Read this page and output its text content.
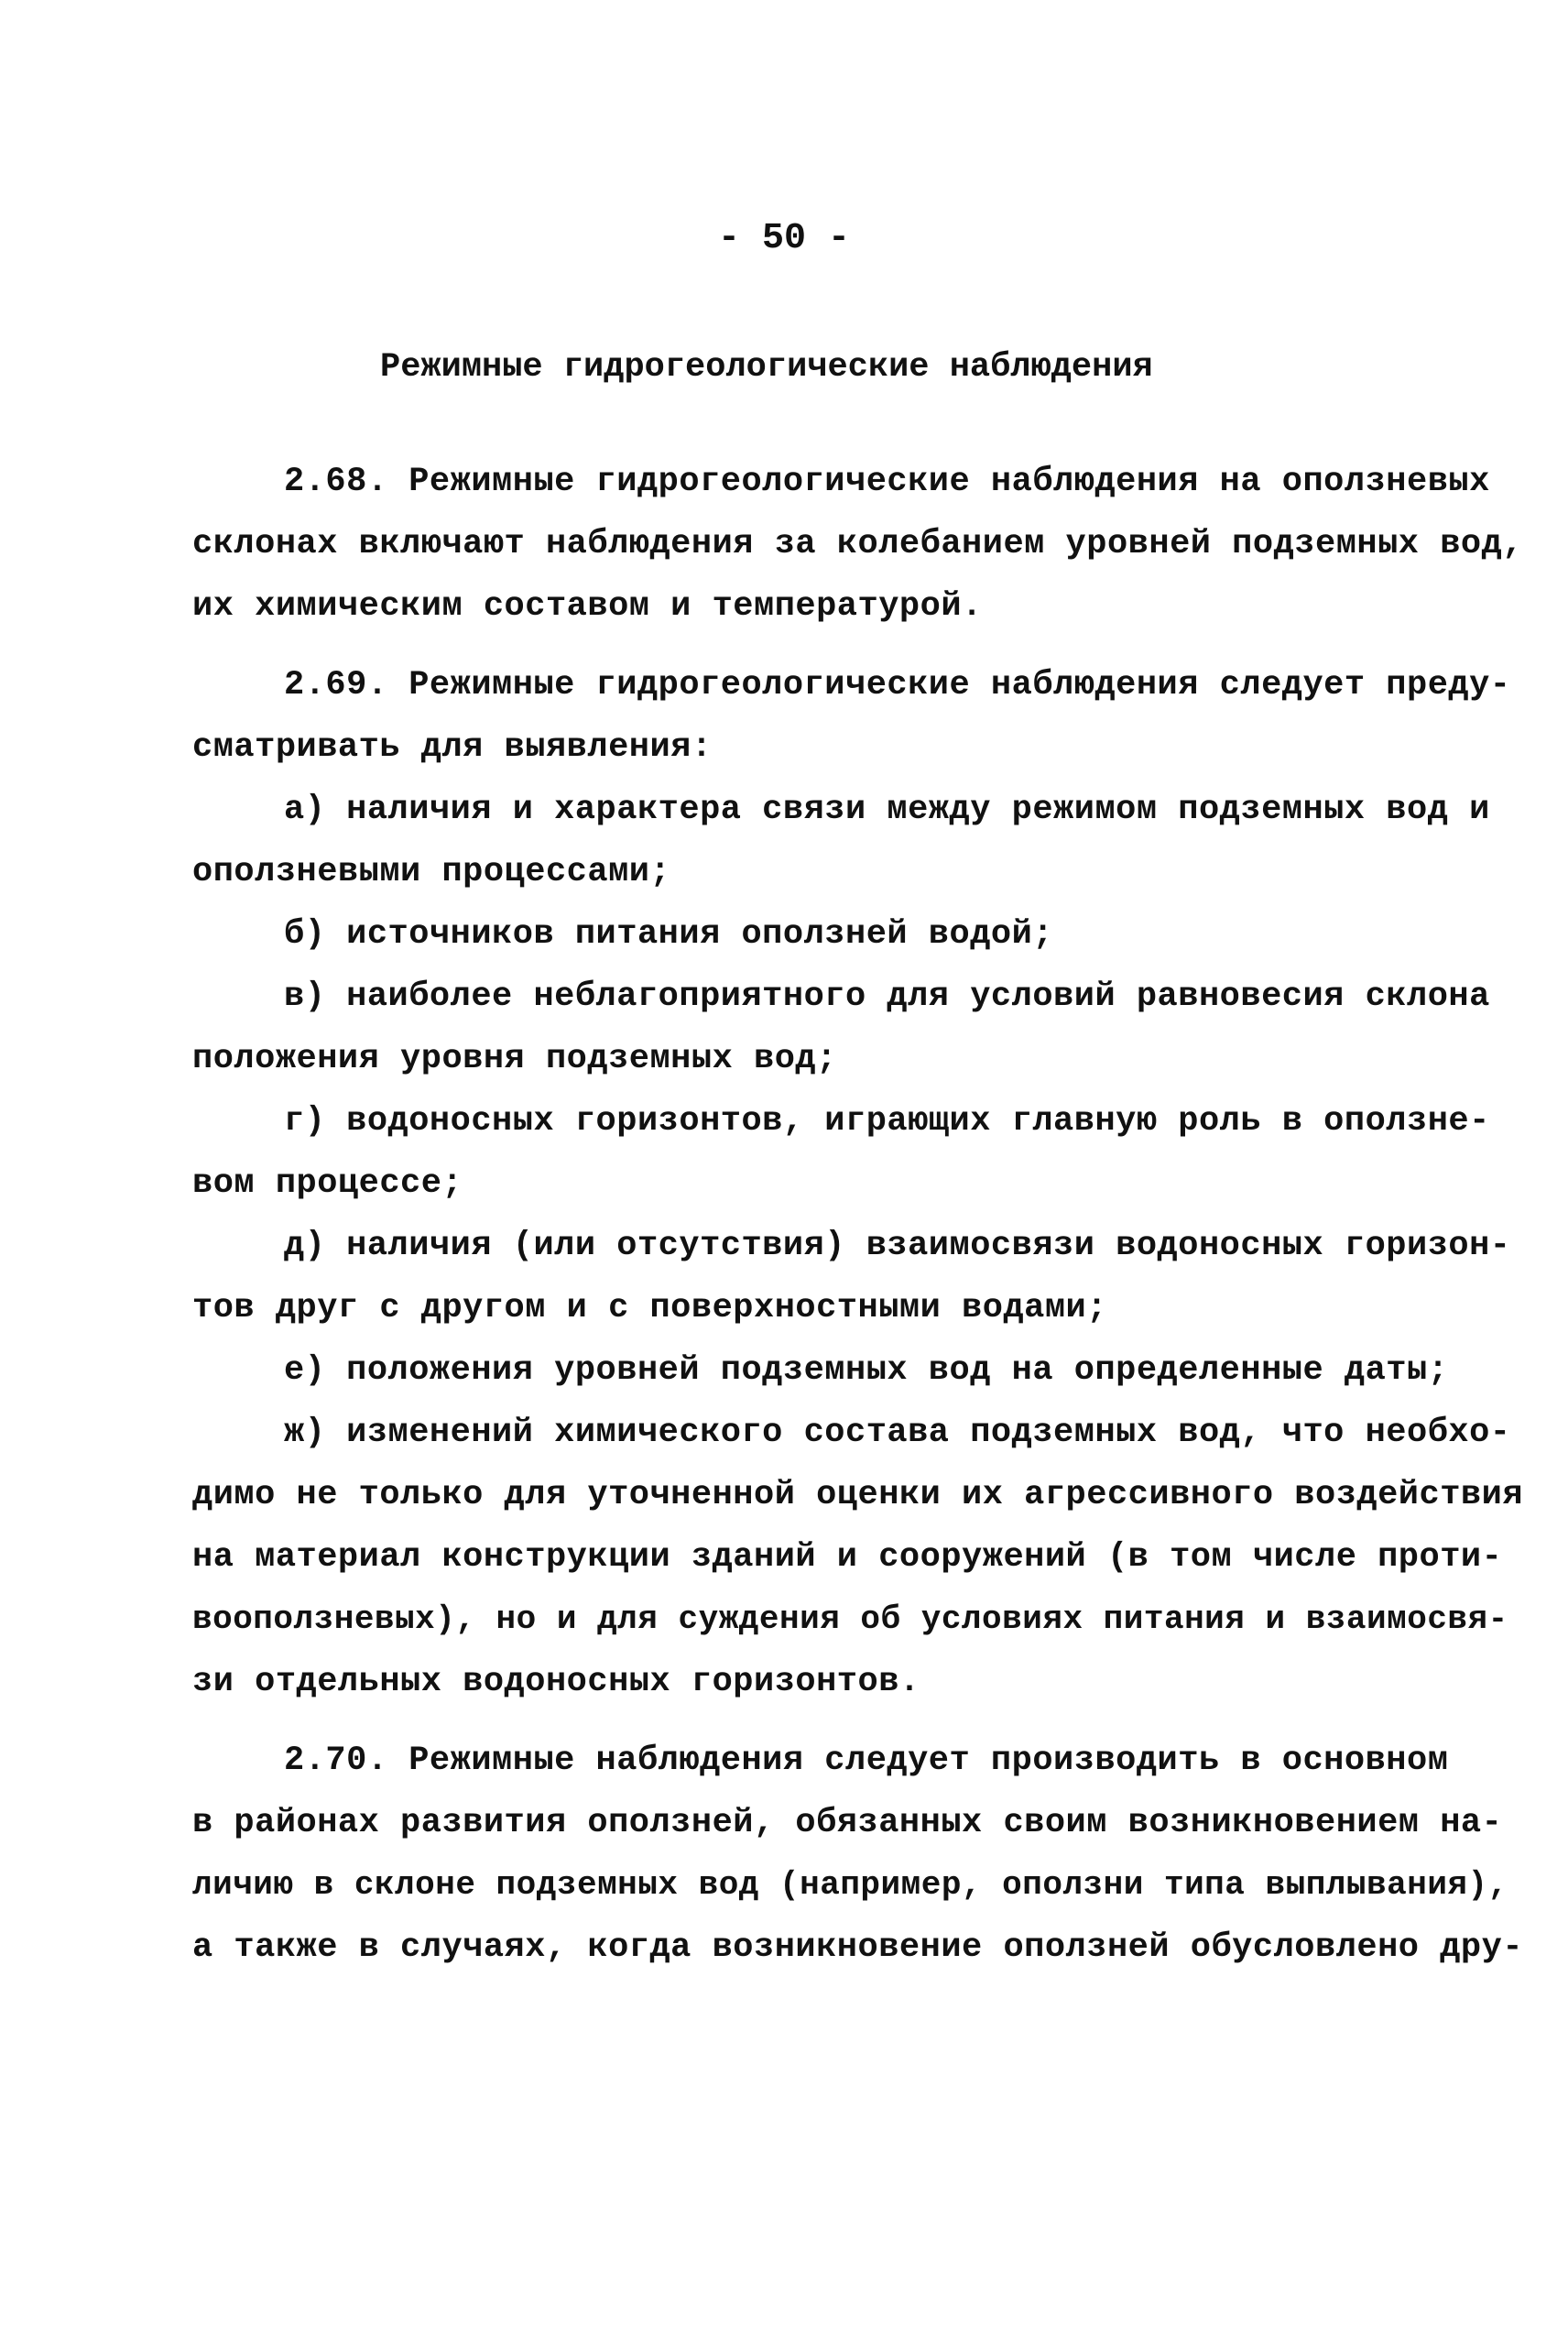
- 50 -
Режимные гидрогеологические наблюдения
2.68. Режимные гидрогеологические наблюдения на оползневых
склонах включают наблюдения за колебанием уровней подземных вод,
их химическим составом и температурой.
2.69. Режимные гидрогеологические наблюдения следует преду-
сматривать для выявления:
а) наличия и характера связи между режимом подземных вод и
оползневыми процессами;
б) источников питания оползней водой;
в) наиболее неблагоприятного для условий равновесия склона
положения уровня подземных вод;
г) водоносных горизонтов, играющих главную роль в оползне-
вом процессе;
д) наличия (или отсутствия) взаимосвязи водоносных горизон-
тов друг с другом и с поверхностными водами;
е) положения уровней подземных вод на определенные даты;
ж) изменений химического состава подземных вод, что необхо-
димо не только для уточненной оценки их агрессивного воздействия
на материал конструкции зданий и сооружений (в том числе проти-
вооползневых), но и для суждения об условиях питания и взаимосвя-
зи отдельных водоносных горизонтов.
2.70. Режимные наблюдения следует производить в основном
в районах развития оползней, обязанных своим возникновением на-
личию в склоне подземных вод (например, оползни типа выплывания),
а также в случаях, когда возникновение оползней обусловлено дру-
